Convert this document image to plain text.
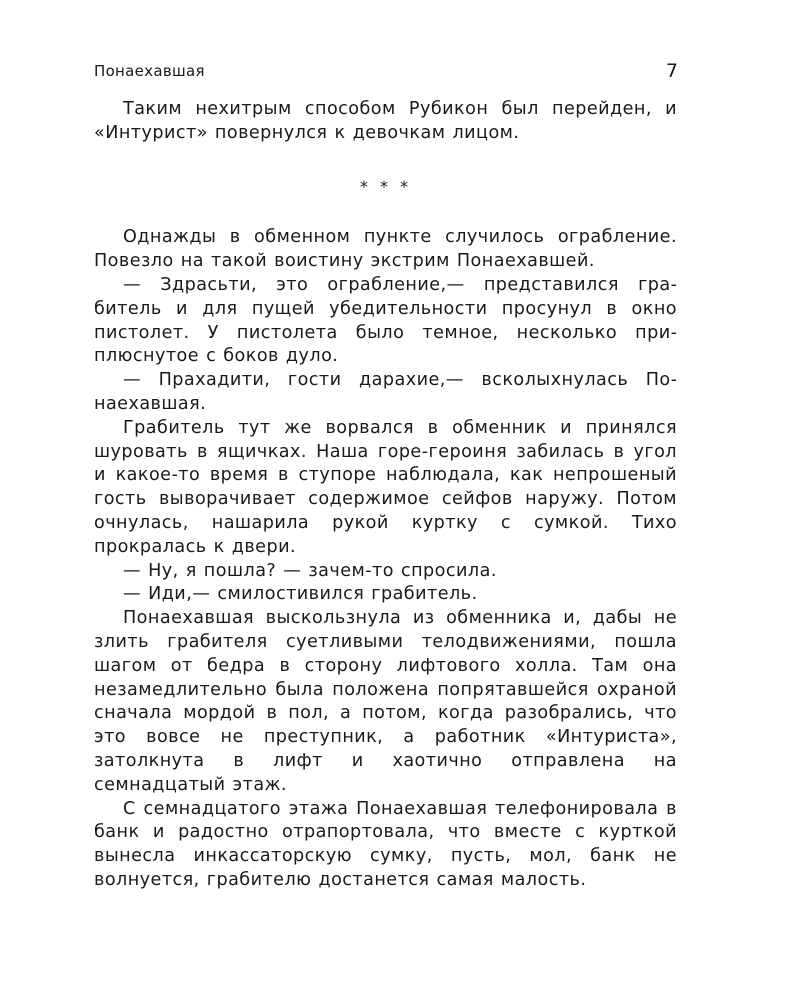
Понаехавшая	7

Таким нехитрым способом Рубикон был перейден, и «Интурист» повернулся к девочкам лицом.

* * *

Однажды в обменном пункте случилось ограбление. Повезло на такой воистину экстрим Понаехавшей.

— Здрасьти, это ограбление,— представился грабитель и для пущей убедительности просунул в окно пистолет. У пистолета было темное, несколько приплюснутое с боков дуло.

— Прахадити, гости дарахие,— всколыхнулась Понаехавшая.

Грабитель тут же ворвался в обменник и принялся шуровать в ящичках. Наша горе-героиня забилась в угол и какое-то время в ступоре наблюдала, как непрошеный гость выворачивает содержимое сейфов наружу. Потом очнулась, нашарила рукой куртку с сумкой. Тихо прокралась к двери.

— Ну, я пошла? — зачем-то спросила.

— Иди,— смилостивился грабитель.

Понаехавшая выскользнула из обменника и, дабы не злить грабителя суетливыми телодвижениями, пошла шагом от бедра в сторону лифтового холла. Там она незамедлительно была положена попрятавшейся охраной сначала мордой в пол, а потом, когда разобрались, что это вовсе не преступник, а работник «Интуриста», затолкнута в лифт и хаотично отправлена на семнадцатый этаж.

С семнадцатого этажа Понаехавшая телефонировала в банк и радостно отрапортовала, что вместе с курткой вынесла инкассаторскую сумку, пусть, мол, банк не волнуется, грабителю достанется самая малость.
